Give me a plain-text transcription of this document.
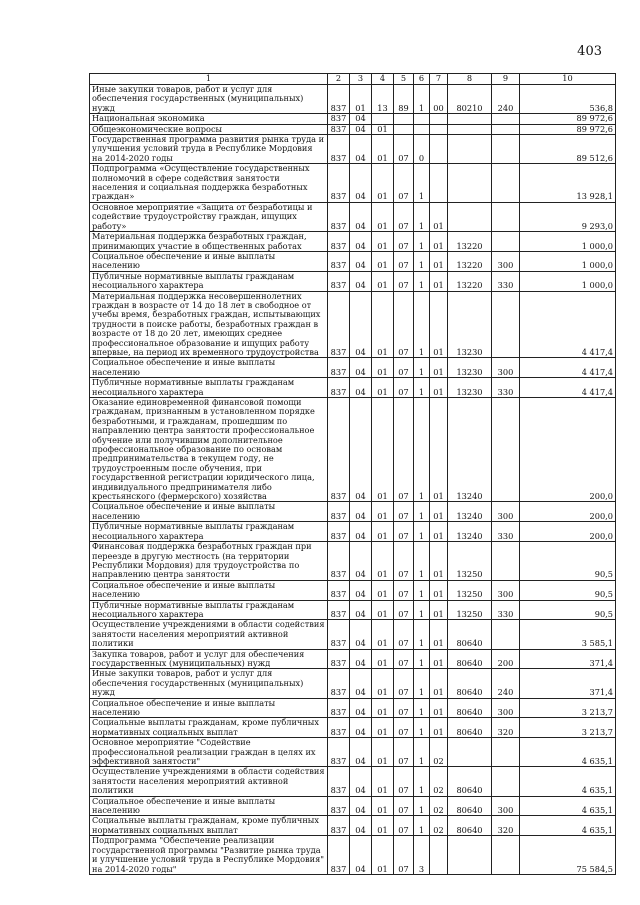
403
1	2	3	4	5	6	7	8	9	10
Иные закупки товаров, работ и услуг для обеспечения государственных (муниципальных) нужд	837	01	13	89	1	00	80210	240	536,8
Национальная экономика	837	04							89 972,6
Общеэкономические вопросы	837	04	01						89 972,6
Государственная программа развития рынка труда и улучшения условий труда в Республике Мордовия на 2014-2020 годы	837	04	01	07	0				89 512,6
Подпрограмма «Осуществление государственных полномочий в сфере содействия занятости населения и социальная поддержка безработных граждан»	837	04	01	07	1				13 928,1
Основное мероприятие «Защита от безработицы и содействие трудоустройству граждан, ищущих работу»	837	04	01	07	1	01			9 293,0
Материальная поддержка безработных граждан, принимающих участие в общественных работах	837	04	01	07	1	01	13220		1 000,0
Социальное обеспечение и иные выплаты населению	837	04	01	07	1	01	13220	300	1 000,0
Публичные нормативные выплаты гражданам несоциального характера	837	04	01	07	1	01	13220	330	1 000,0
Материальная поддержка несовершеннолетних граждан в возрасте от 14 до 18 лет в свободное от учебы время, безработных граждан, испытывающих трудности в поиске работы, безработных граждан в возрасте от 18 до 20 лет, имеющих среднее профессиональное образование и ищущих работу впервые, на период их временного трудоустройства	837	04	01	07	1	01	13230		4 417,4
Социальное обеспечение и иные выплаты населению	837	04	01	07	1	01	13230	300	4 417,4
Публичные нормативные выплаты гражданам несоциального характера	837	04	01	07	1	01	13230	330	4 417,4
Оказание единовременной финансовой помощи гражданам, признанным в установленном порядке безработными, и гражданам, прошедшим по направлению центра занятости профессиональное обучение или получившим дополнительное профессиональное образование по основам предпринимательства в текущем году, не трудоустроенным после обучения, при государственной регистрации юридического лица, индивидуального предпринимателя либо крестьянского (фермерского) хозяйства	837	04	01	07	1	01	13240		200,0
Социальное обеспечение и иные выплаты населению	837	04	01	07	1	01	13240	300	200,0
Публичные нормативные выплаты гражданам несоциального характера	837	04	01	07	1	01	13240	330	200,0
Финансовая поддержка безработных граждан при переезде в другую местность (на территории Республики Мордовия) для трудоустройства по направлению центра занятости	837	04	01	07	1	01	13250		90,5
Социальное обеспечение и иные выплаты населению	837	04	01	07	1	01	13250	300	90,5
Публичные нормативные выплаты гражданам несоциального характера	837	04	01	07	1	01	13250	330	90,5
Осуществление учреждениями в области содействия занятости населения мероприятий активной политики	837	04	01	07	1	01	80640		3 585,1
Закупка товаров, работ и услуг для обеспечения государственных (муниципальных) нужд	837	04	01	07	1	01	80640	200	371,4
Иные закупки товаров, работ и услуг для обеспечения государственных (муниципальных) нужд	837	04	01	07	1	01	80640	240	371,4
Социальное обеспечение и иные выплаты населению	837	04	01	07	1	01	80640	300	3 213,7
Социальные выплаты гражданам, кроме публичных нормативных социальных выплат	837	04	01	07	1	01	80640	320	3 213,7
Основное мероприятие "Содействие профессиональной реализации граждан в целях их эффективной занятости"	837	04	01	07	1	02			4 635,1
Осуществление учреждениями в области содействия занятости населения мероприятий активной политики	837	04	01	07	1	02	80640		4 635,1
Социальное обеспечение и иные выплаты населению	837	04	01	07	1	02	80640	300	4 635,1
Социальные выплаты гражданам, кроме публичных нормативных социальных выплат	837	04	01	07	1	02	80640	320	4 635,1
Подпрограмма "Обеспечение реализации государственной программы "Развитие рынка труда и улучшение условий труда в Республике Мордовия" на 2014-2020 годы"	837	04	01	07	3				75 584,5
